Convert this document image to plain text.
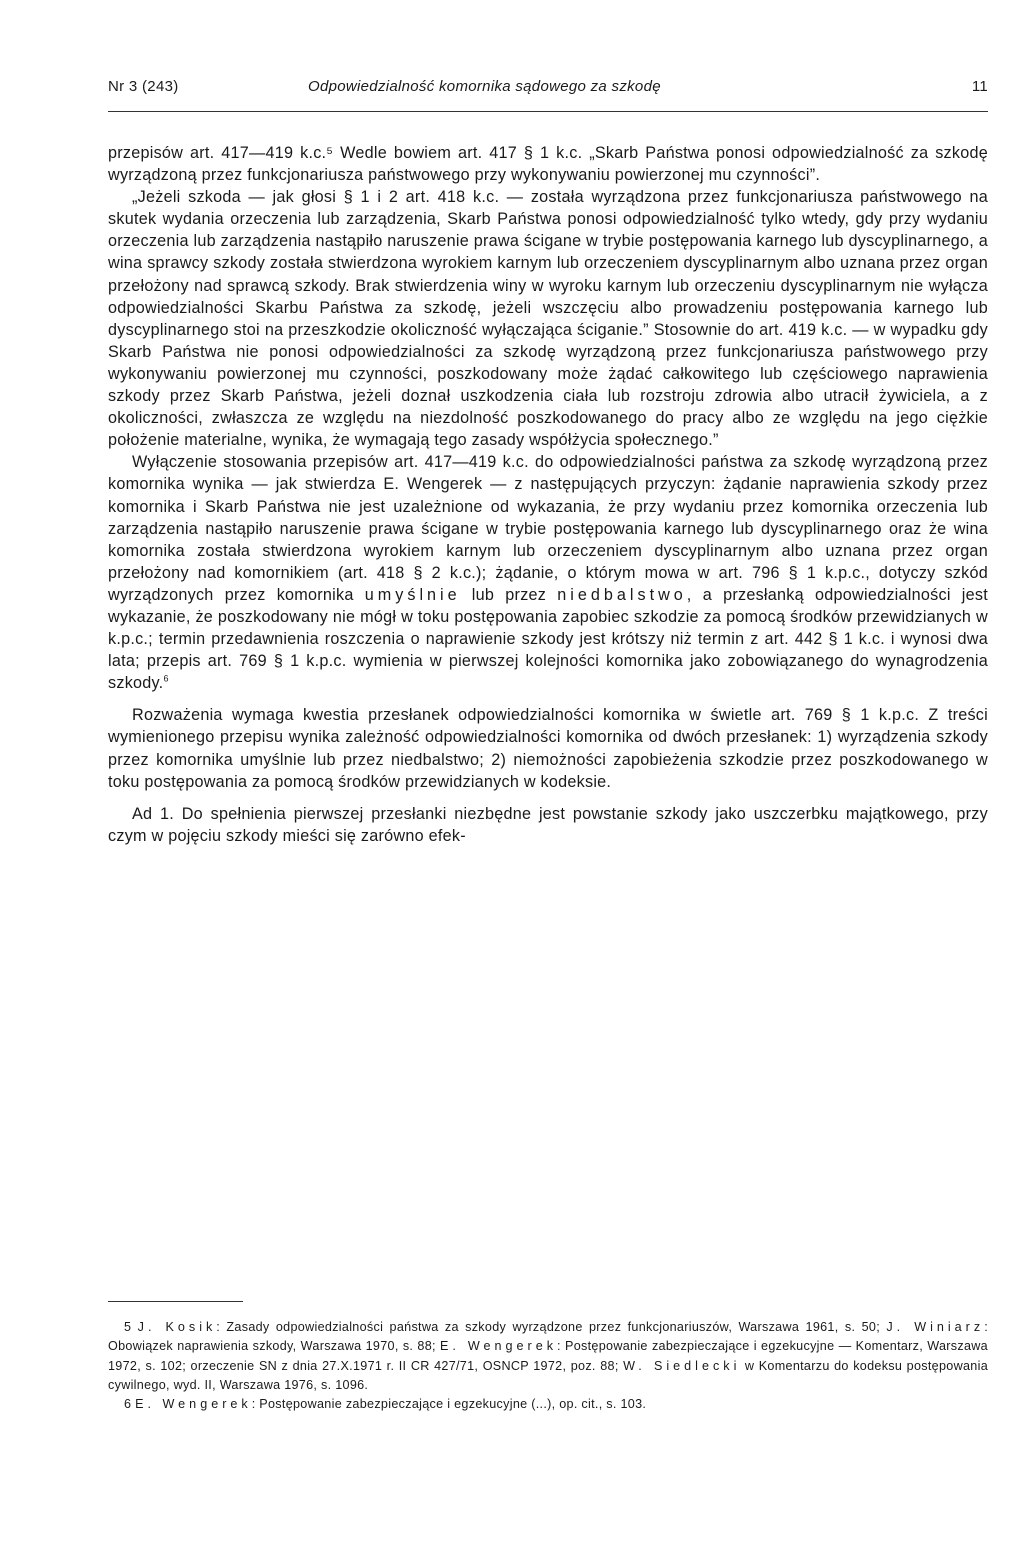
Nr 3 (243)	Odpowiedzialność komornika sądowego za szkodę	11

przepisów art. 417—419 k.c.⁵ Wedle bowiem art. 417 § 1 k.c. „Skarb Państwa ponosi odpowiedzialność za szkodę wyrządzoną przez funkcjonariusza państwowego przy wykonywaniu powierzonej mu czynności”.

„Jeżeli szkoda — jak głosi § 1 i 2 art. 418 k.c. — została wyrządzona przez funkcjonariusza państwowego na skutek wydania orzeczenia lub zarządzenia, Skarb Państwa ponosi odpowiedzialność tylko wtedy, gdy przy wydaniu orzeczenia lub zarządzenia nastąpiło naruszenie prawa ścigane w trybie postępowania karnego lub dyscyplinarnego, a wina sprawcy szkody została stwierdzona wyrokiem karnym lub orzeczeniem dyscyplinarnym albo uznana przez organ przełożony nad sprawcą szkody. Brak stwierdzenia winy w wyroku karnym lub orzeczeniu dyscyplinarnym nie wyłącza odpowiedzialności Skarbu Państwa za szkodę, jeżeli wszczęciu albo prowadzeniu postępowania karnego lub dyscyplinarnego stoi na przeszkodzie okoliczność wyłączająca ściganie.” Stosownie do art. 419 k.c. — w wypadku gdy Skarb Państwa nie ponosi odpowiedzialności za szkodę wyrządzoną przez funkcjonariusza państwowego przy wykonywaniu powierzonej mu czynności, poszkodowany może żądać całkowitego lub częściowego naprawienia szkody przez Skarb Państwa, jeżeli doznał uszkodzenia ciała lub rozstroju zdrowia albo utracił żywiciela, a z okoliczności, zwłaszcza ze względu na niezdolność poszkodowanego do pracy albo ze względu na jego ciężkie położenie materialne, wynika, że wymagają tego zasady współżycia społecznego.”

Wyłączenie stosowania przepisów art. 417—419 k.c. do odpowiedzialności państwa za szkodę wyrządzoną przez komornika wynika — jak stwierdza E. Wengerek — z następujących przyczyn: żądanie naprawienia szkody przez komornika i Skarb Państwa nie jest uzależnione od wykazania, że przy wydaniu przez komornika orzeczenia lub zarządzenia nastąpiło naruszenie prawa ścigane w trybie postępowania karnego lub dyscyplinarnego oraz że wina komornika została stwierdzona wyrokiem karnym lub orzeczeniem dyscyplinarnym albo uznana przez organ przełożony nad komornikiem (art. 418 § 2 k.c.); żądanie, o którym mowa w art. 796 § 1 k.p.c., dotyczy szkód wyrządzonych przez komornika umyślnie lub przez niedbalstwo, a przesłanką odpowiedzialności jest wykazanie, że poszkodowany nie mógł w toku postępowania zapobiec szkodzie za pomocą środków przewidzianych w k.p.c.; termin przedawnienia roszczenia o naprawienie szkody jest krótszy niż termin z art. 442 § 1 k.c. i wynosi dwa lata; przepis art. 769 § 1 k.p.c. wymienia w pierwszej kolejności komornika jako zobowiązanego do wynagrodzenia szkody.$^6$

Rozważenia wymaga kwestia przesłanek odpowiedzialności komornika w świetle art. 769 § 1 k.p.c. Z treści wymienionego przepisu wynika zależność odpowiedzialności komornika od dwóch przesłanek: 1) wyrządzenia szkody przez komornika umyślnie lub przez niedbalstwo; 2) niemożności zapobieżenia szkodzie przez poszkodowanego w toku postępowania za pomocą środków przewidzianych w kodeksie.

Ad 1. Do spełnienia pierwszej przesłanki niezbędne jest powstanie szkody jako uszczerbku majątkowego, przy czym w pojęciu szkody mieści się zarówno efek-

5 J. Kosik: Zasady odpowiedzialności państwa za szkody wyrządzone przez funkcjonariuszów, Warszawa 1961, s. 50; J. Winiarz: Obowiązek naprawienia szkody, Warszawa 1970, s. 88; E. Wengerek: Postępowanie zabezpieczające i egzekucyjne — Komentarz, Warszawa 1972, s. 102; orzeczenie SN z dnia 27.X.1971 r. II CR 427/71, OSNCP 1972, poz. 88; W. Siedlecki w Komentarzu do kodeksu postępowania cywilnego, wyd. II, Warszawa 1976, s. 1096.

6 E. Wengerek: Postępowanie zabezpieczające i egzekucyjne (...), op. cit., s. 103.
